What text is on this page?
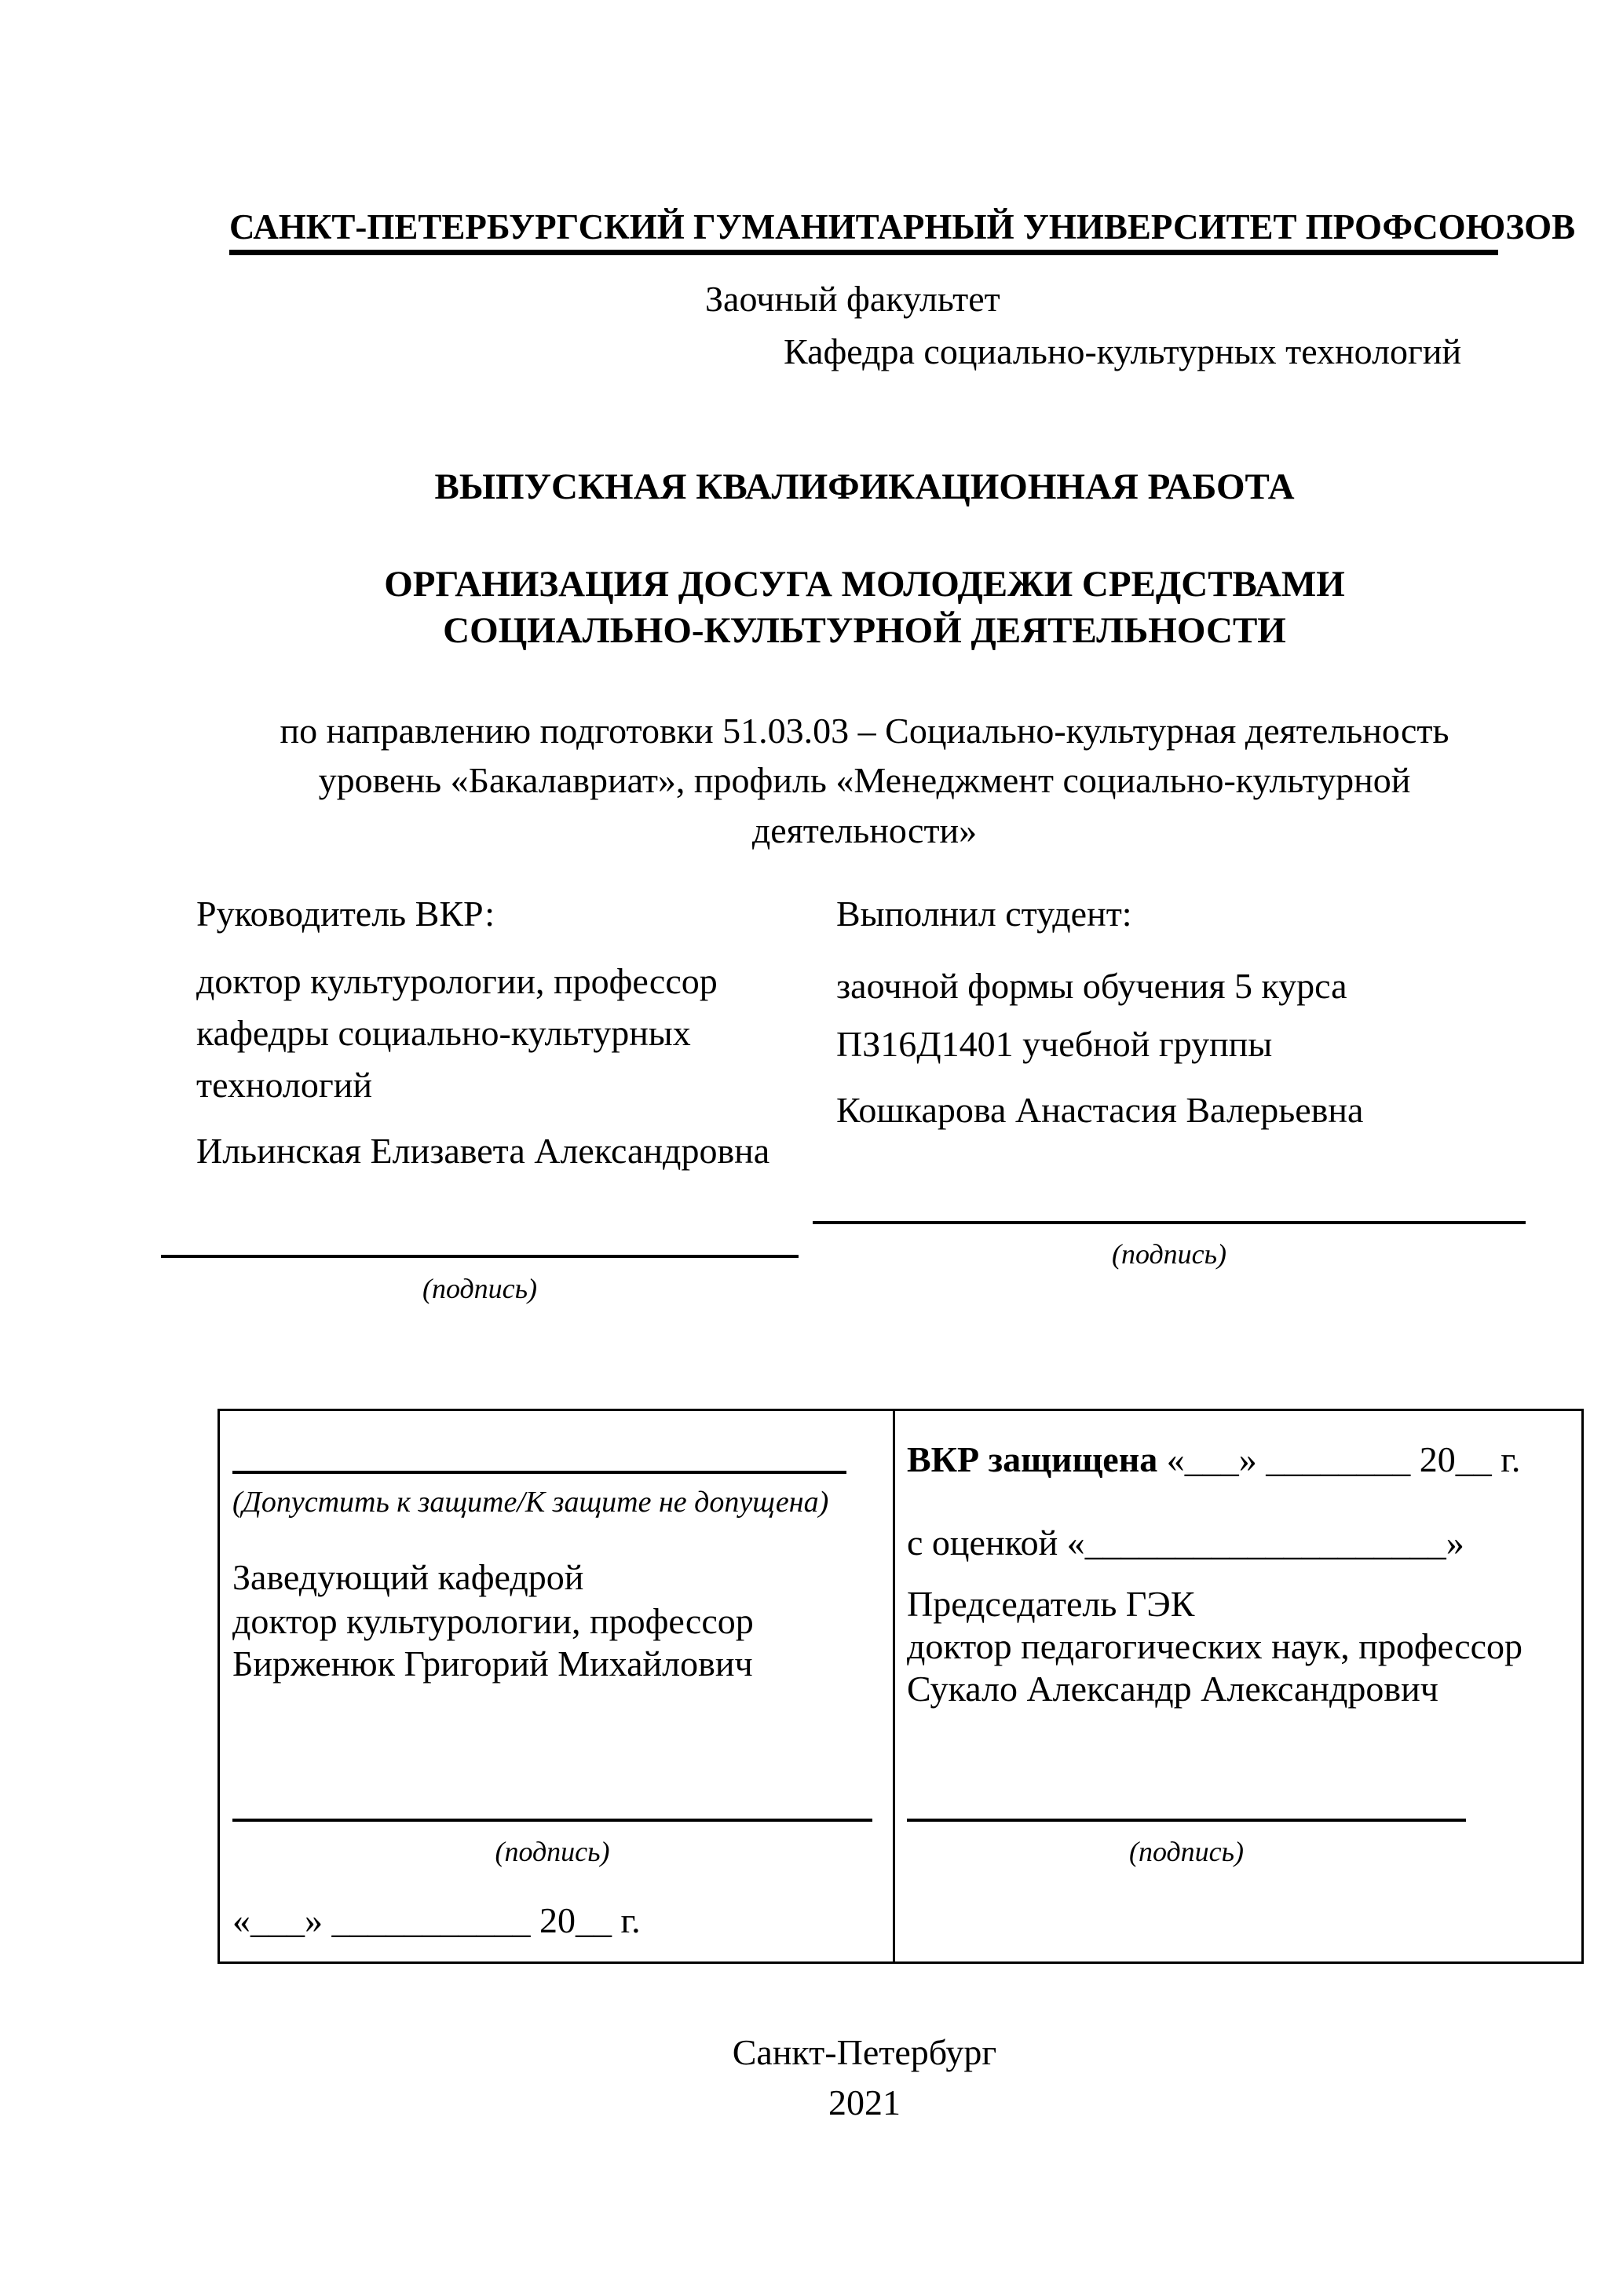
САНКТ-ПЕТЕРБУРГСКИЙ ГУМАНИТАРНЫЙ УНИВЕРСИТЕТ ПРОФСОЮЗОВ
Заочный факультет
Кафедра социально-культурных технологий
ВЫПУСКНАЯ КВАЛИФИКАЦИОННАЯ РАБОТА
ОРГАНИЗАЦИЯ ДОСУГА МОЛОДЕЖИ СРЕДСТВАМИ
СОЦИАЛЬНО-КУЛЬТУРНОЙ ДЕЯТЕЛЬНОСТИ
по направлению подготовки 51.03.03 – Социально-культурная деятельность
уровень «Бакалавриат», профиль «Менеджмент социально-культурной
деятельности»
Руководитель ВКР:
доктор культурологии, профессор
кафедры социально-культурных
технологий
Ильинская Елизавета Александровна
(подпись)
Выполнил студент:
заочной формы обучения 5 курса
ПЗ16Д1401 учебной группы
Кошкарова Анастасия Валерьевна
(подпись)
(Допустить к защите/К защите не допущена)
Заведующий кафедрой
доктор культурологии, профессор
Бирженюк Григорий Михайлович
(подпись)
«___» ___________ 20__ г.
ВКР защищена «___» ________ 20__ г.
с оценкой «____________________»
Председатель ГЭК
доктор педагогических наук, профессор
Сукало Александр Александрович
(подпись)
Санкт-Петербург
2021
